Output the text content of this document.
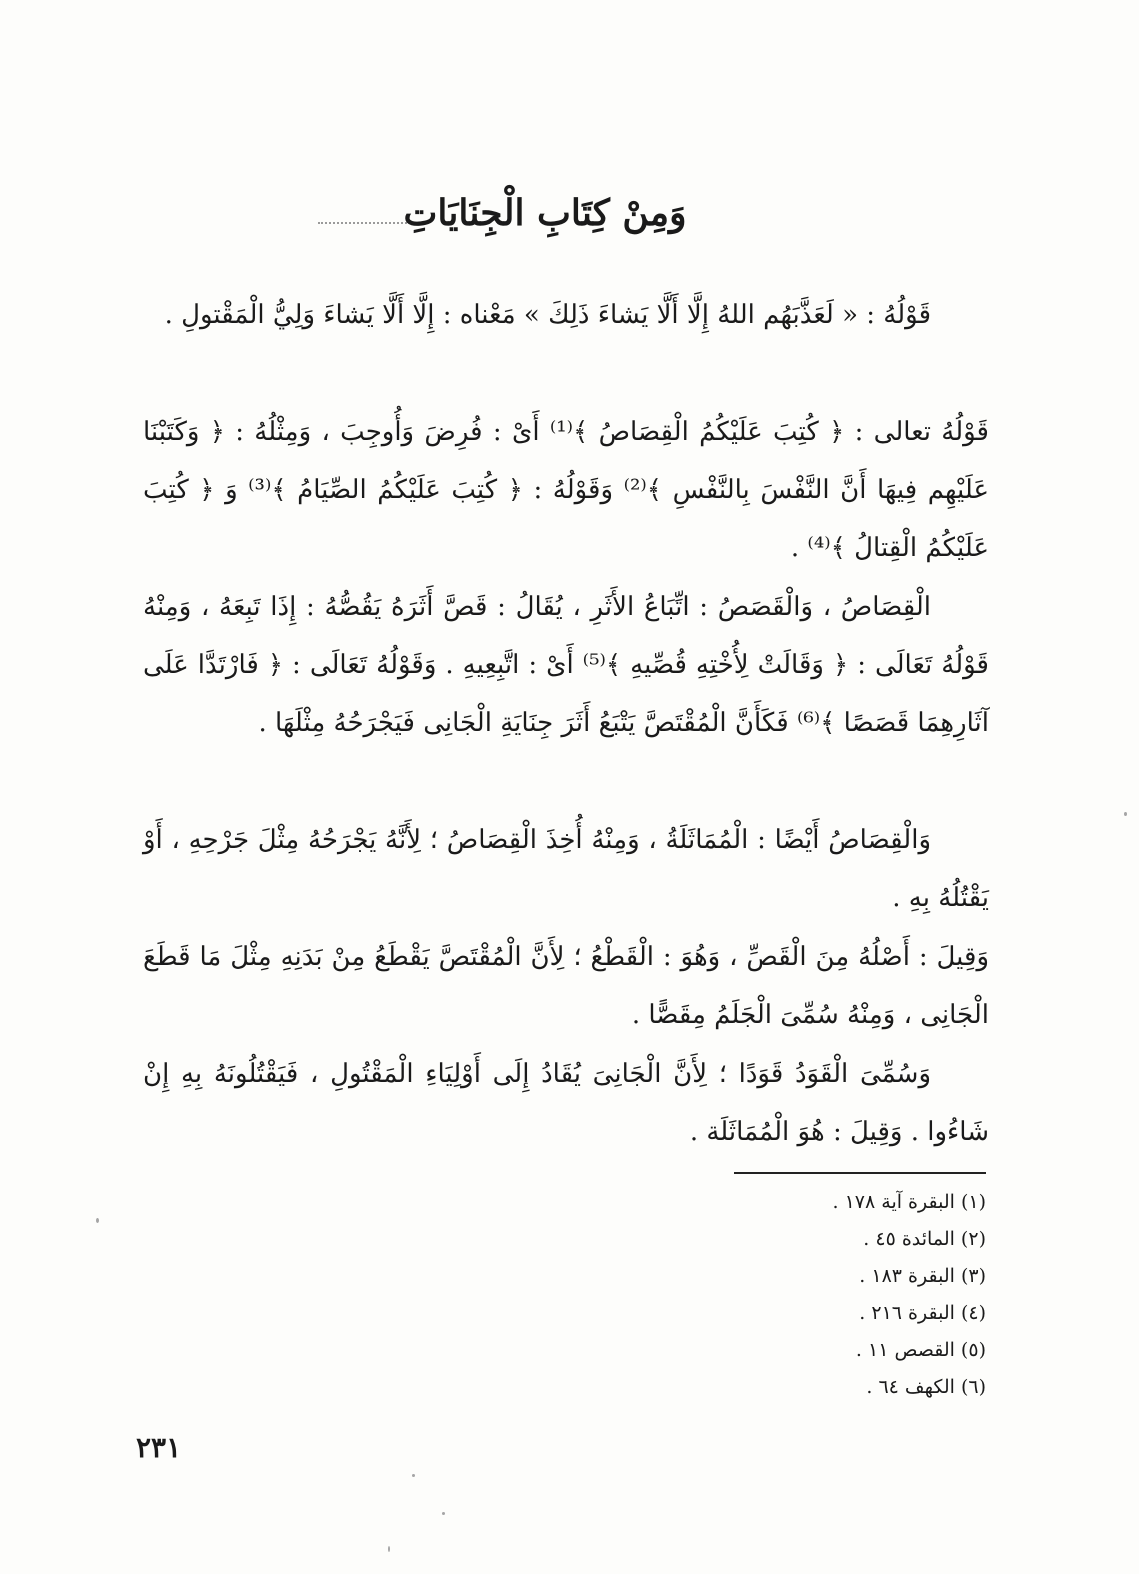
وَمِنْ كِتَابِ الْجِنَايَاتِ

قَوْلُهُ : « لَعَذَّبَهُم اللهُ إِلَّا أَلَّا يَشاءَ ذَلِكَ » مَعْناه : إِلَّا أَلَّا يَشاءَ وَلِيُّ الْمَقْتولِ .

قَوْلُهُ تعالى : ﴿ كُتِبَ عَلَيْكُمُ الْقِصَاصُ ﴾⁽¹⁾ أَىْ : فُرِضَ وَأُوجِبَ ، وَمِثْلُهُ : ﴿ وَكَتَبْنَا عَلَيْهِم فِيهَا أَنَّ النَّفْسَ بِالنَّفْسِ ﴾⁽²⁾ وَقَوْلُهُ : ﴿ كُتِبَ عَلَيْكُمُ الصِّيَامُ ﴾⁽³⁾ وَ ﴿ كُتِبَ عَلَيْكُمُ الْقِتالُ ﴾⁽⁴⁾ .

الْقِصَاصُ ، وَالْقَصَصُ : اتِّبَاعُ الأَثَرِ ، يُقَالُ : قَصَّ أَثَرَهُ يَقُصُّهُ : إِذَا تَبِعَهُ ، وَمِنْهُ قَوْلُهُ تَعَالَى : ﴿ وَقَالَتْ لِأُخْتِهِ قُصِّيهِ ﴾⁽⁵⁾ أَىْ : اتَّبِعِيهِ . وَقَوْلُهُ تَعَالَى : ﴿ فَارْتَدَّا عَلَى آثَارِهِمَا قَصَصًا ﴾⁽⁶⁾ فَكَأَنَّ الْمُقْتَصَّ يَتْبَعُ أَثَرَ جِنَايَةِ الْجَانِى فَيَجْرَحُهُ مِثْلَهَا .

وَالْقِصَاصُ أَيْضًا : الْمُمَاثَلَةُ ، وَمِنْهُ أُخِذَ الْقِصَاصُ ؛ لِأَنَّهُ يَجْرَحُهُ مِثْلَ جَرْحِهِ ، أَوْ يَقْتُلُهُ بِهِ .

وَقِيلَ : أَصْلُهُ مِنَ الْقَصِّ ، وَهُوَ : الْقَطْعُ ؛ لِأَنَّ الْمُقْتَصَّ يَقْطَعُ مِنْ بَدَنِهِ مِثْلَ مَا قَطَعَ الْجَانِى ، وَمِنْهُ سُمِّىَ الْجَلَمُ مِقَصًّا .

وَسُمِّىَ الْقَوَدُ قَوَدًا ؛ لِأَنَّ الْجَانِىَ يُقَادُ إِلَى أَوْلِيَاءِ الْمَقْتُولِ ، فَيَقْتُلُونَهُ بِهِ إِنْ شَاءُوا . وَقِيلَ : هُوَ الْمُمَاثَلَة .

(١) البقرة آية ١٧٨ .
(٢) المائدة ٤٥ .
(٣) البقرة ١٨٣ .
(٤) البقرة ٢١٦ .
(٥) القصص ١١ .
(٦) الكهف ٦٤ .
٢٣١
